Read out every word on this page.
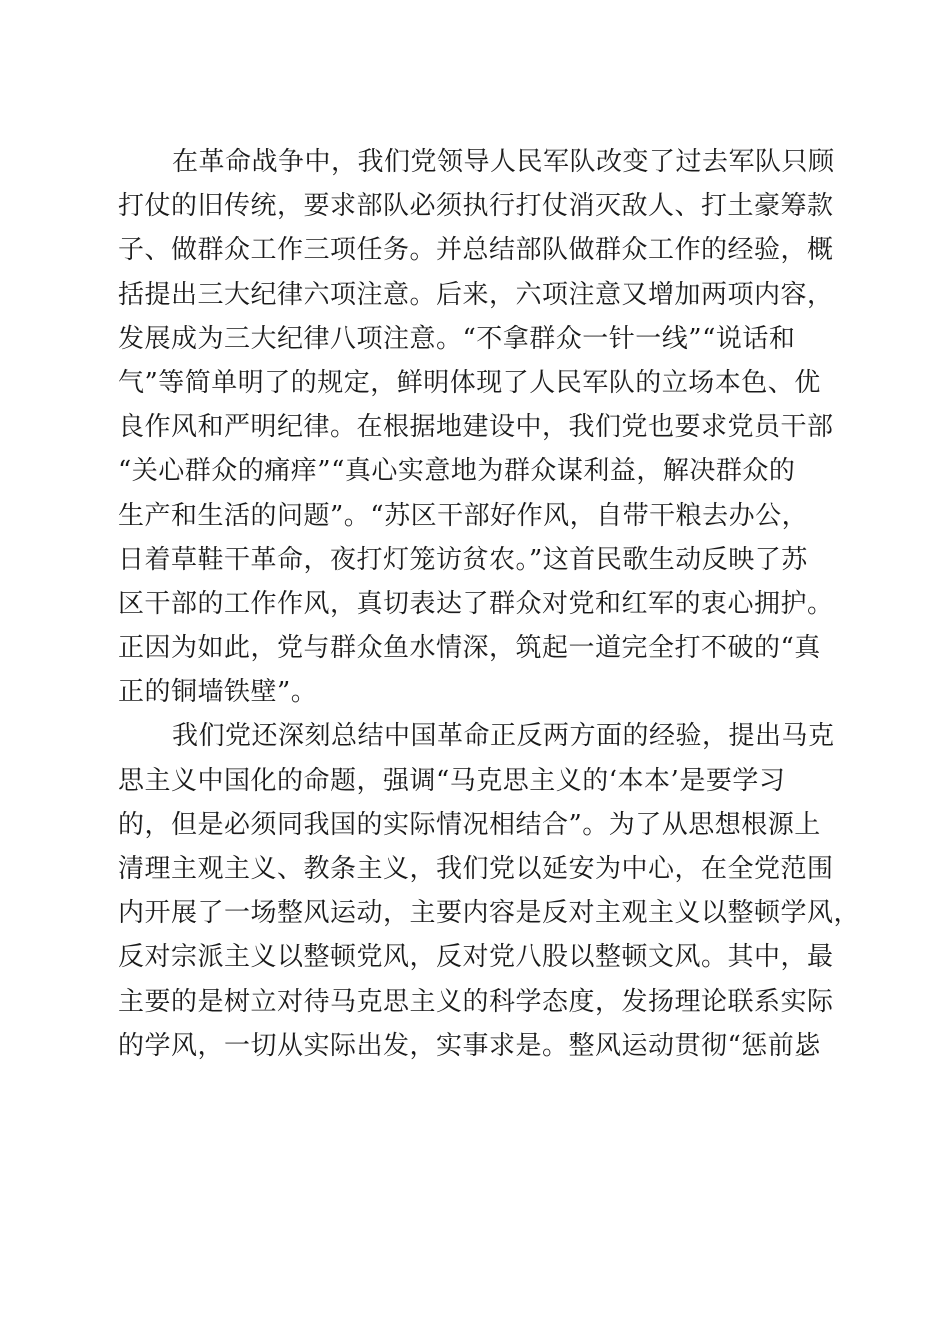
在革命战争中，我们党领导人民军队改变了过去军队只顾
打仗的旧传统，要求部队必须执行打仗消灭敌人、打土豪筹款
子、做群众工作三项任务。并总结部队做群众工作的经验，概
括提出三大纪律六项注意。后来，六项注意又增加两项内容，
发展成为三大纪律八项注意。“不拿群众一针一线”“说话和
气”等简单明了的规定，鲜明体现了人民军队的立场本色、优
良作风和严明纪律。在根据地建设中，我们党也要求党员干部
“关心群众的痛痒”“真心实意地为群众谋利益，解决群众的
生产和生活的问题”。“苏区干部好作风，自带干粮去办公，
日着草鞋干革命，夜打灯笼访贫农。”这首民歌生动反映了苏
区干部的工作作风，真切表达了群众对党和红军的衷心拥护。
正因为如此，党与群众鱼水情深，筑起一道完全打不破的“真
正的铜墙铁壁”。
我们党还深刻总结中国革命正反两方面的经验，提出马克
思主义中国化的命题，强调“马克思主义的‘本本’是要学习
的，但是必须同我国的实际情况相结合”。为了从思想根源上
清理主观主义、教条主义，我们党以延安为中心，在全党范围
内开展了一场整风运动，主要内容是反对主观主义以整顿学风，
反对宗派主义以整顿党风，反对党八股以整顿文风。其中，最
主要的是树立对待马克思主义的科学态度，发扬理论联系实际
的学风，一切从实际出发，实事求是。整风运动贯彻“惩前毖
